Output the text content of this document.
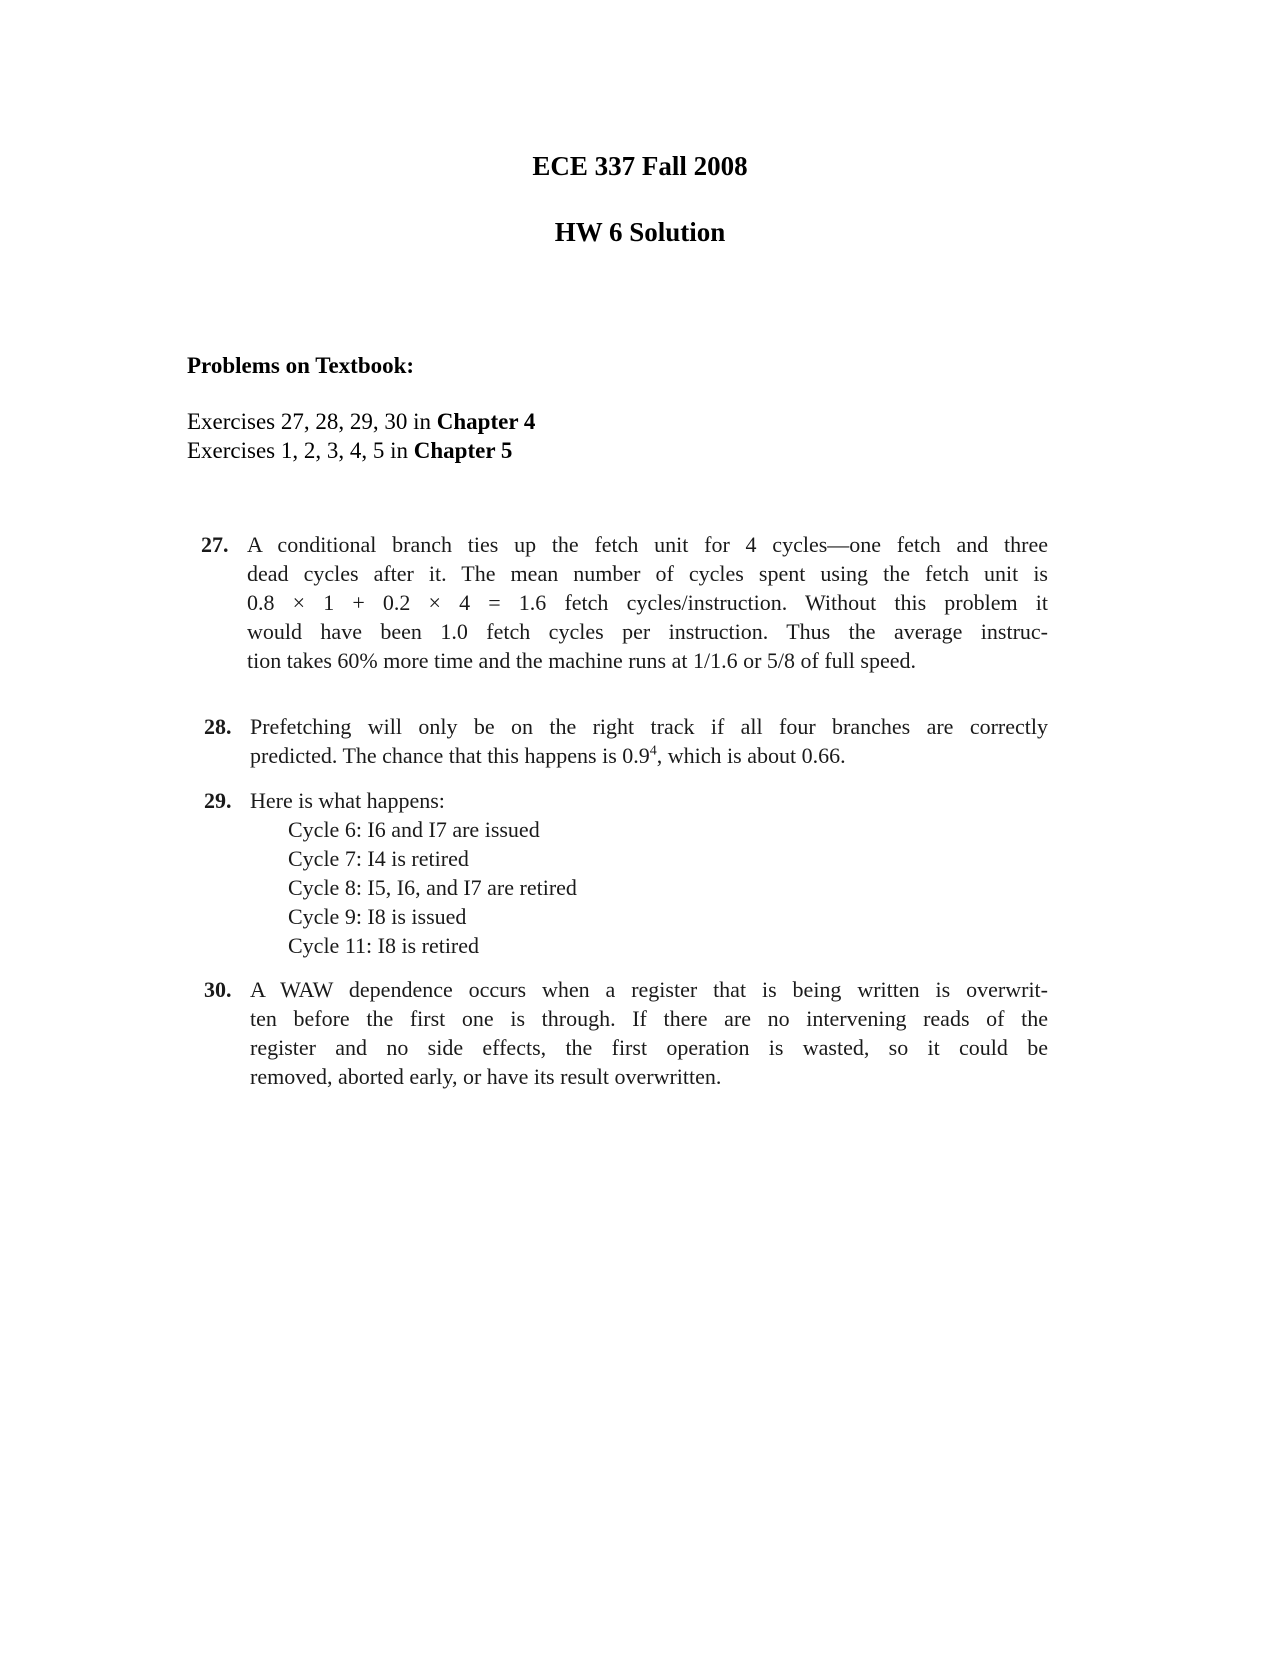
ECE 337 Fall 2008
HW 6 Solution
Problems on Textbook:
Exercises 27, 28, 29, 30 in Chapter 4
Exercises 1, 2, 3, 4, 5 in Chapter 5
27. A conditional branch ties up the fetch unit for 4 cycles—one fetch and three
dead cycles after it. The mean number of cycles spent using the fetch unit is
0.8 × 1 + 0.2 × 4 = 1.6 fetch cycles/instruction. Without this problem it
would have been 1.0 fetch cycles per instruction. Thus the average instruc-
tion takes 60% more time and the machine runs at 1/1.6 or 5/8 of full speed.
28. Prefetching will only be on the right track if all four branches are correctly
predicted. The chance that this happens is $0.9^4$, which is about 0.66.
29. Here is what happens:
Cycle 6: I6 and I7 are issued
Cycle 7: I4 is retired
Cycle 8: I5, I6, and I7 are retired
Cycle 9: I8 is issued
Cycle 11: I8 is retired
30. A WAW dependence occurs when a register that is being written is overwrit-
ten before the first one is through. If there are no intervening reads of the
register and no side effects, the first operation is wasted, so it could be
removed, aborted early, or have its result overwritten.
